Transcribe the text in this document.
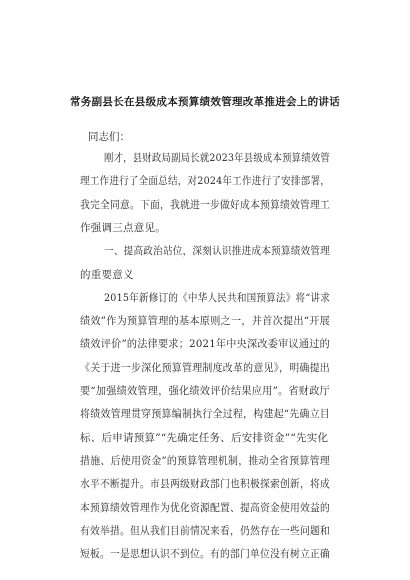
常务副县长在县级成本预算绩效管理改革推进会上的讲话
同志们：
刚才，县财政局副局长就2023年县级成本预算绩效管
理工作进行了全面总结，对2024年工作进行了安排部署，
我完全同意。下面，我就进一步做好成本预算绩效管理工
作强调三点意见。
一、提高政治站位，深刻认识推进成本预算绩效管理
的重要意义
2015年新修订的《中华人民共和国预算法》将“讲求
绩效”作为预算管理的基本原则之一，并首次提出“开展
绩效评价”的法律要求；2021年中央深改委审议通过的
《关于进一步深化预算管理制度改革的意见》，明确提出
要“加强绩效管理，强化绩效评价结果应用”。省财政厅
将绩效管理贯穿预算编制执行全过程，构建起“先确立目
标、后申请预算”“先确定任务、后安排资金”“先实化
措施、后使用资金”的预算管理机制，推动全省预算管理
水平不断提升。市县两级财政部门也积极探索创新，将成
本预算绩效管理作为优化资源配置、提高资金使用效益的
有效举措。但从我们目前情况来看，仍然存在一些问题和
短板。一是思想认识不到位。有的部门单位没有树立正确
